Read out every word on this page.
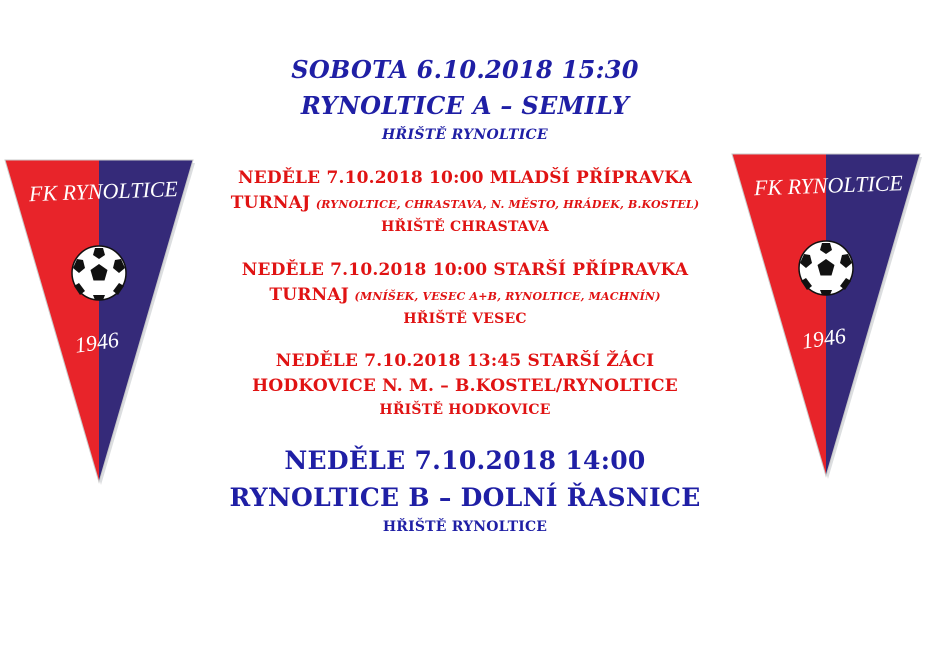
FK RYNOLTICE
1946
FK RYNOLTICE
1946
SOBOTA 6.10.2018 15:30
RYNOLTICE A – SEMILY
HŘIŠTĚ RYNOLTICE
NEDĚLE 7.10.2018 10:00 MLADŠÍ PŘÍPRAVKA
TURNAJ (RYNOLTICE, CHRASTAVA, N. MĚSTO, HRÁDEK, B.KOSTEL)
HŘIŠTĚ CHRASTAVA
NEDĚLE 7.10.2018 10:00 STARŠÍ PŘÍPRAVKA
TURNAJ (MNÍŠEK, VESEC A+B, RYNOLTICE, MACHNÍN)
HŘIŠTĚ VESEC
NEDĚLE 7.10.2018 13:45 STARŠÍ ŽÁCI
HODKOVICE N. M. – B.KOSTEL/RYNOLTICE
HŘIŠTĚ HODKOVICE
NEDĚLE 7.10.2018 14:00
RYNOLTICE B – DOLNÍ ŘASNICE
HŘIŠTĚ RYNOLTICE
